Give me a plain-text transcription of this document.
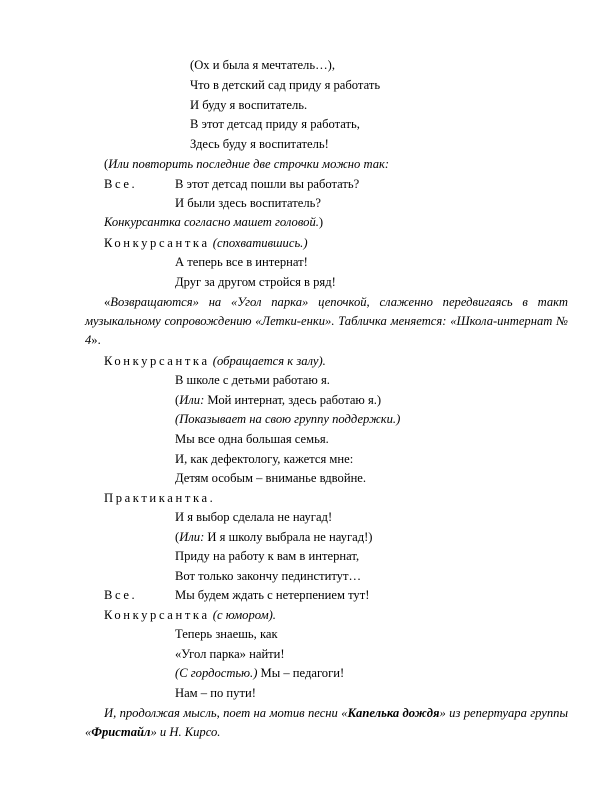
(Ох и была я мечтатель…),
Что в детский сад приду я работать
И буду я воспитатель.
В этот детсад приду я работать,
Здесь буду я воспитатель!
(Или повторить последние две строчки можно так:
Все.	В этот детсад пошли вы работать?
И были здесь воспитатель?
Конкурсантка согласно машет головой.)
Конкурсантка (спохватившись.)
А теперь все в интернат!
Друг за другом стройся в ряд!
«Возвращаются» на «Угол парка» цепочкой, слаженно передвигаясь в такт музыкальному сопровождению «Летки-енки». Табличка меняется: «Школа-интернат № 4».
Конкурсантка (обращается к залу).
В школе с детьми работаю я.
(Или: Мой интернат, здесь работаю я.)
(Показывает на свою группу поддержки.)
Мы все одна большая семья.
И, как дефектологу, кажется мне:
Детям особым – вниманье вдвойне.
Практикантка.
И я выбор сделала не наугад!
(Или: И я школу выбрала не наугад!)
Приду на работу к вам в интернат,
Вот только закончу пединститут…
Все.	Мы будем ждать с нетерпением тут!
Конкурсантка (с юмором).
Теперь знаешь, как
«Угол парка» найти!
(С гордостью.) Мы – педагоги!
Нам – по пути!
И, продолжая мысль, поет на мотив песни «Капелька дождя» из репертуара группы «Фристайл» и Н. Кирсо.
